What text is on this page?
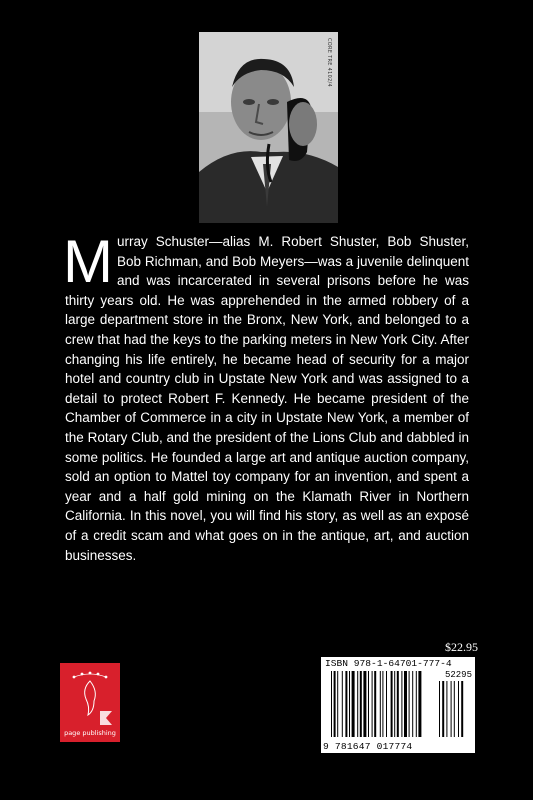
CORE TRE 4102/4

Murray Schuster—alias M. Robert Shuster, Bob Shuster, Bob Richman, and Bob Meyers—was a juvenile delinquent and was incarcerated in several prisons before he was thirty years old. He was apprehended in the armed robbery of a large department store in the Bronx, New York, and belonged to a crew that had the keys to the parking meters in New York City. After changing his life entirely, he became head of security for a major hotel and country club in Upstate New York and was assigned to a detail to protect Robert F. Kennedy. He became president of the Chamber of Commerce in a city in Upstate New York, a member of the Rotary Club, and the president of the Lions Club and dabbled in some politics. He founded a large art and antique auction company, sold an option to Mattel toy company for an invention, and spent a year and a half gold mining on the Klamath River in Northern California. In this novel, you will find his story, as well as an exposé of a credit scam and what goes on in the antique, art, and auction businesses.

$22.95
ISBN 978-1-64701-777-4
52295
9 781647 017774
page publishing
